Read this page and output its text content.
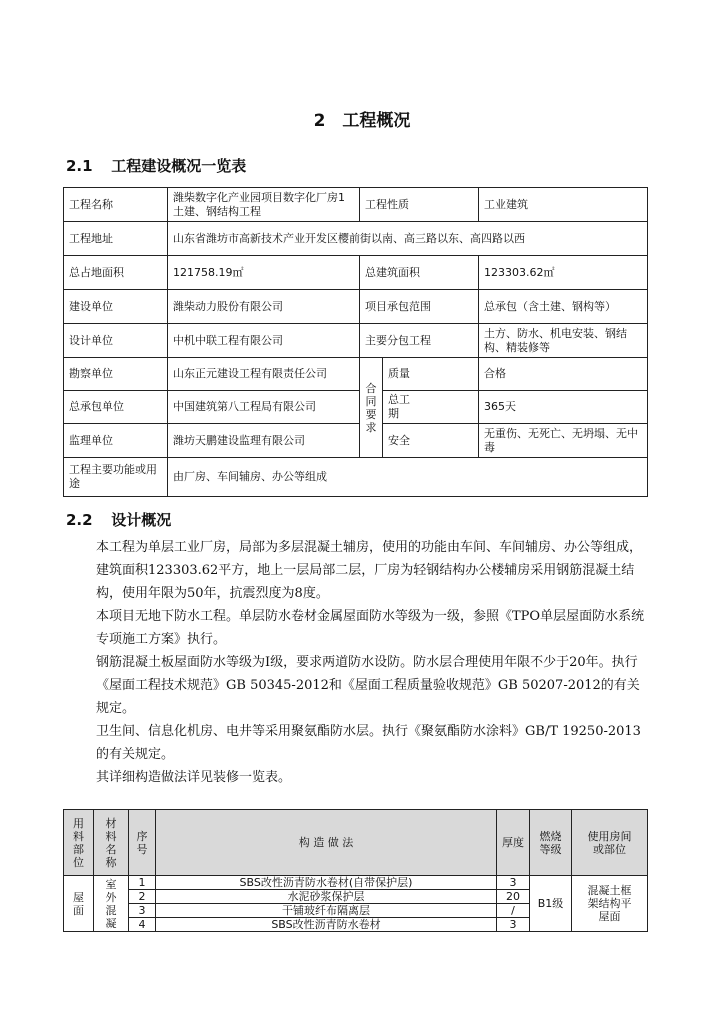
2　工程概况
2.1 工程建设概况一览表
工程名称	潍柴数字化产业园项目数字化厂房1土建、钢结构工程	工程性质		工业建筑
工程地址	山东省潍坊市高新技术产业开发区樱前街以南、高三路以东、高四路以西			
总占地面积	121758.19㎡	总建筑面积		123303.62㎡
建设单位	潍柴动力股份有限公司	项目承包范围		总承包（含土建、钢构等）
设计单位	中机中联工程有限公司	主要分包工程		土方、防水、机电安装、钢结构、精装修等
勘察单位	山东正元建设工程有限责任公司	合同要求	质量	合格
总承包单位	中国建筑第八工程局有限公司		总工期	365天
监理单位	潍坊天鹏建设监理有限公司		安全	无重伤、无死亡、无坍塌、无中毒
工程主要功能或用途	由厂房、车间辅房、办公等组成			
2.2 设计概况

本工程为单层工业厂房，局部为多层混凝土辅房，使用的功能由车间、车间辅房、办公等组成，建筑面积123303.62平方，地上一层局部二层，厂房为轻钢结构办公楼辅房采用钢筋混凝土结构，使用年限为50年，抗震烈度为8度。

本项目无地下防水工程。单层防水卷材金属屋面防水等级为一级，参照《TPO单层屋面防水系统专项施工方案》执行。

钢筋混凝土板屋面防水等级为Ⅰ级，要求两道防水设防。防水层合理使用年限不少于20年。执行《屋面工程技术规范》GB 50345-2012和《屋面工程质量验收规范》GB 50207-2012的有关规定。

卫生间、信息化机房、电井等采用聚氨酯防水层。执行《聚氨酯防水涂料》GB/T 19250-2013的有关规定。

其详细构造做法详见装修一览表。

用料部位	材料名称	序号	构 造 做 法	厚度	燃烧等级	使用房间或部位
屋面	室外混凝	1	SBS改性沥青防水卷材(自带保护层)	3	B1级	混凝土框架结构平屋面
		2	水泥砂浆保护层	20		
		3	干铺玻纤布隔离层	/		
		4	SBS改性沥青防水卷材	3		
